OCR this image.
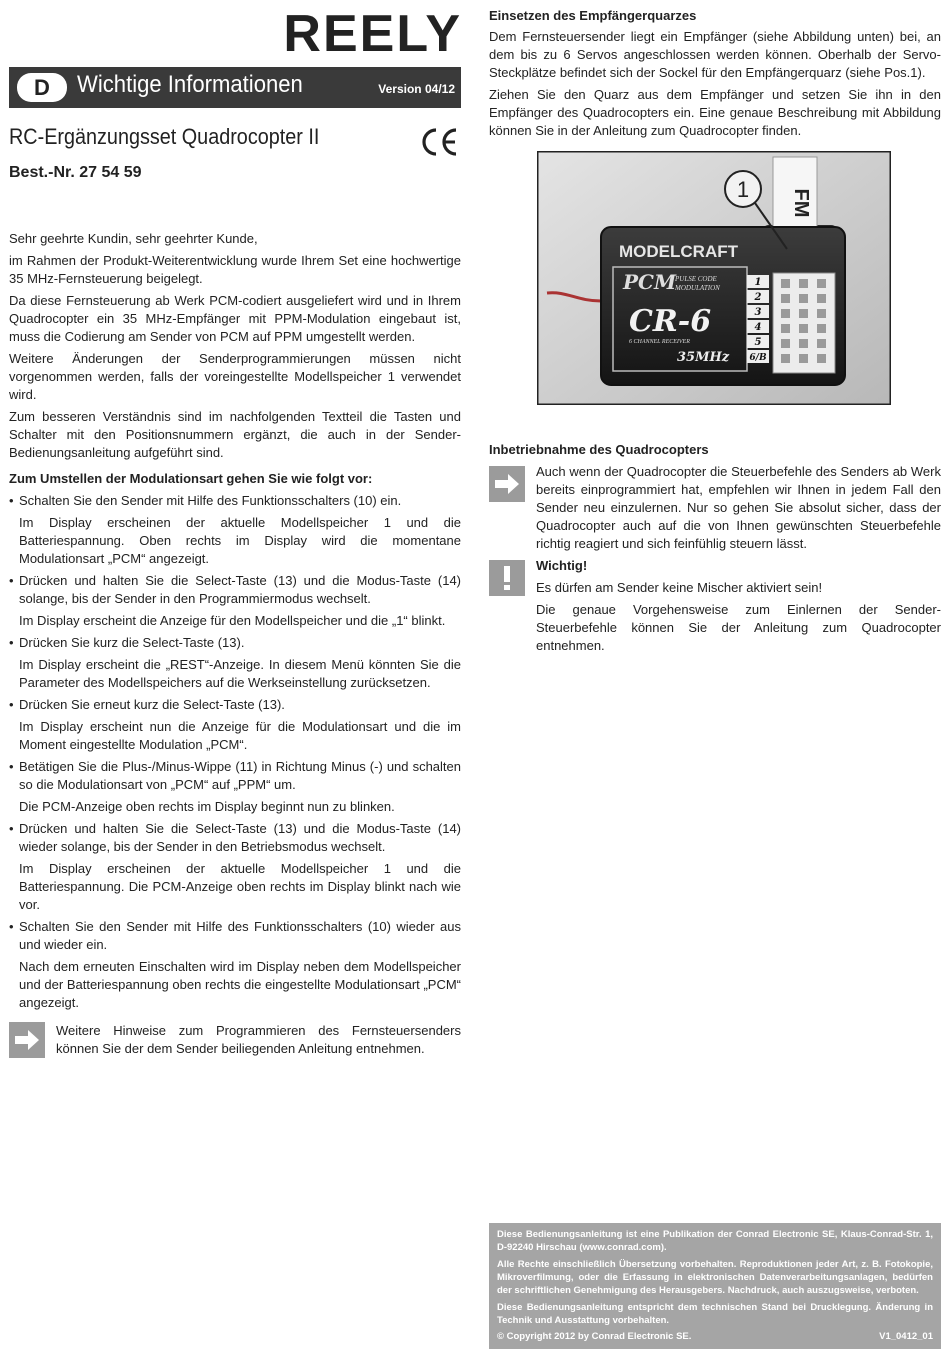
D	Wichtige Informationen	Version 04/12
RC-Ergänzungsset Quadrocopter II
Best.-Nr. 27 54 59

Sehr geehrte Kundin, sehr geehrter Kunde,

im Rahmen der Produkt-Weiterentwicklung wurde Ihrem Set eine hochwertige 35 MHz-Fernsteuerung beigelegt.

Da diese Fernsteuerung ab Werk PCM-codiert ausgeliefert wird und in Ihrem Quadrocopter ein 35 MHz-Empfänger mit PPM-Modulation eingebaut ist, muss die Codierung am Sender von PCM auf PPM umgestellt werden.

Weitere Änderungen der Senderprogrammierungen müssen nicht vorgenommen werden, falls der voreingestellte Modellspeicher 1 verwendet wird.

Zum besseren Verständnis sind im nachfolgenden Textteil die Tasten und Schalter mit den Positionsnummern ergänzt, die auch in der Sender-Bedienungsanleitung aufgeführt sind.

Zum Umstellen der Modulationsart gehen Sie wie folgt vor:

• Schalten Sie den Sender mit Hilfe des Funktionsschalters (10) ein.

Im Display erscheinen der aktuelle Modellspeicher 1 und die Batteriespannung. Oben rechts im Display wird die momentane Modulationsart „PCM“ angezeigt.

• Drücken und halten Sie die Select-Taste (13) und die Modus-Taste (14) solange, bis der Sender in den Programmiermodus wechselt.

Im Display erscheint die Anzeige für den Modellspeicher und die „1“ blinkt.

• Drücken Sie kurz die Select-Taste (13).

Im Display erscheint die „REST“-Anzeige. In diesem Menü könnten Sie die Parameter des Modellspeichers auf die Werkseinstellung zurücksetzen.

• Drücken Sie erneut kurz die Select-Taste (13).

Im Display erscheint nun die Anzeige für die Modulationsart und die im Moment eingestellte Modulation „PCM“.

• Betätigen Sie die Plus-/Minus-Wippe (11) in Richtung Minus (-) und schalten so die Modulationsart von „PCM“ auf „PPM“ um.

Die PCM-Anzeige oben rechts im Display beginnt nun zu blinken.

• Drücken und halten Sie die Select-Taste (13) und die Modus-Taste (14) wieder solange, bis der Sender in den Betriebsmodus wechselt.

Im Display erscheinen der aktuelle Modellspeicher 1 und die Batteriespannung. Die PCM-Anzeige oben rechts im Display blinkt nach wie vor.

• Schalten Sie den Sender mit Hilfe des Funktionsschalters (10) wieder aus und wieder ein.

Nach dem erneuten Einschalten wird im Display neben dem Modellspeicher und der Batteriespannung oben rechts die eingestellte Modulationsart „PCM“ angezeigt.

Weitere Hinweise zum Programmieren des Fernsteuersenders können Sie der dem Sender beiliegenden Anleitung entnehmen.

Einsetzen des Empfängerquarzes

Dem Fernsteuersender liegt ein Empfänger (siehe Abbildung unten) bei, an dem bis zu 6 Servos angeschlossen werden können. Oberhalb der Servo-Steckplätze befindet sich der Sockel für den Empfängerquarz (siehe Pos.1).

Ziehen Sie den Quarz aus dem Empfänger und setzen Sie ihn in den Empfänger des Quadrocopters ein. Eine genaue Beschreibung mit Abbildung können Sie in der Anleitung zum Quadrocopter finden.

FM
MODELCRAFT
PCM
PULSE CODE
MODULATION
CR-6
6 CHANNEL RECEIVER
35MHz
1
2
3
4
5
6/B
1
Inbetriebnahme des Quadrocopters

Auch wenn der Quadrocopter die Steuerbefehle des Senders ab Werk bereits einprogrammiert hat, empfehlen wir Ihnen in jedem Fall den Sender neu einzulernen. Nur so gehen Sie absolut sicher, dass der Quadrocopter auch auf die von Ihnen gewünschten Steuerbefehle richtig reagiert und sich feinfühlig steuern lässt.

Wichtig!

Es dürfen am Sender keine Mischer aktiviert sein!

Die genaue Vorgehensweise zum Einlernen der Sender-Steuerbefehle können Sie der Anleitung zum Quadrocopter entnehmen.

REELY

Diese Bedienungsanleitung ist eine Publikation der Conrad Electronic SE, Klaus-Conrad-Str. 1, D-92240 Hirschau (www.conrad.com).

Alle Rechte einschließlich Übersetzung vorbehalten. Reproduktionen jeder Art, z. B. Fotokopie, Mikroverfilmung, oder die Erfassung in elektronischen Datenverarbeitungsanlagen, bedürfen der schriftlichen Genehmigung des Herausgebers. Nachdruck, auch auszugsweise, verboten.

Diese Bedienungsanleitung entspricht dem technischen Stand bei Drucklegung. Änderung in Technik und Ausstattung vorbehalten.

© Copyright 2012 by Conrad Electronic SE.	V1_0412_01
